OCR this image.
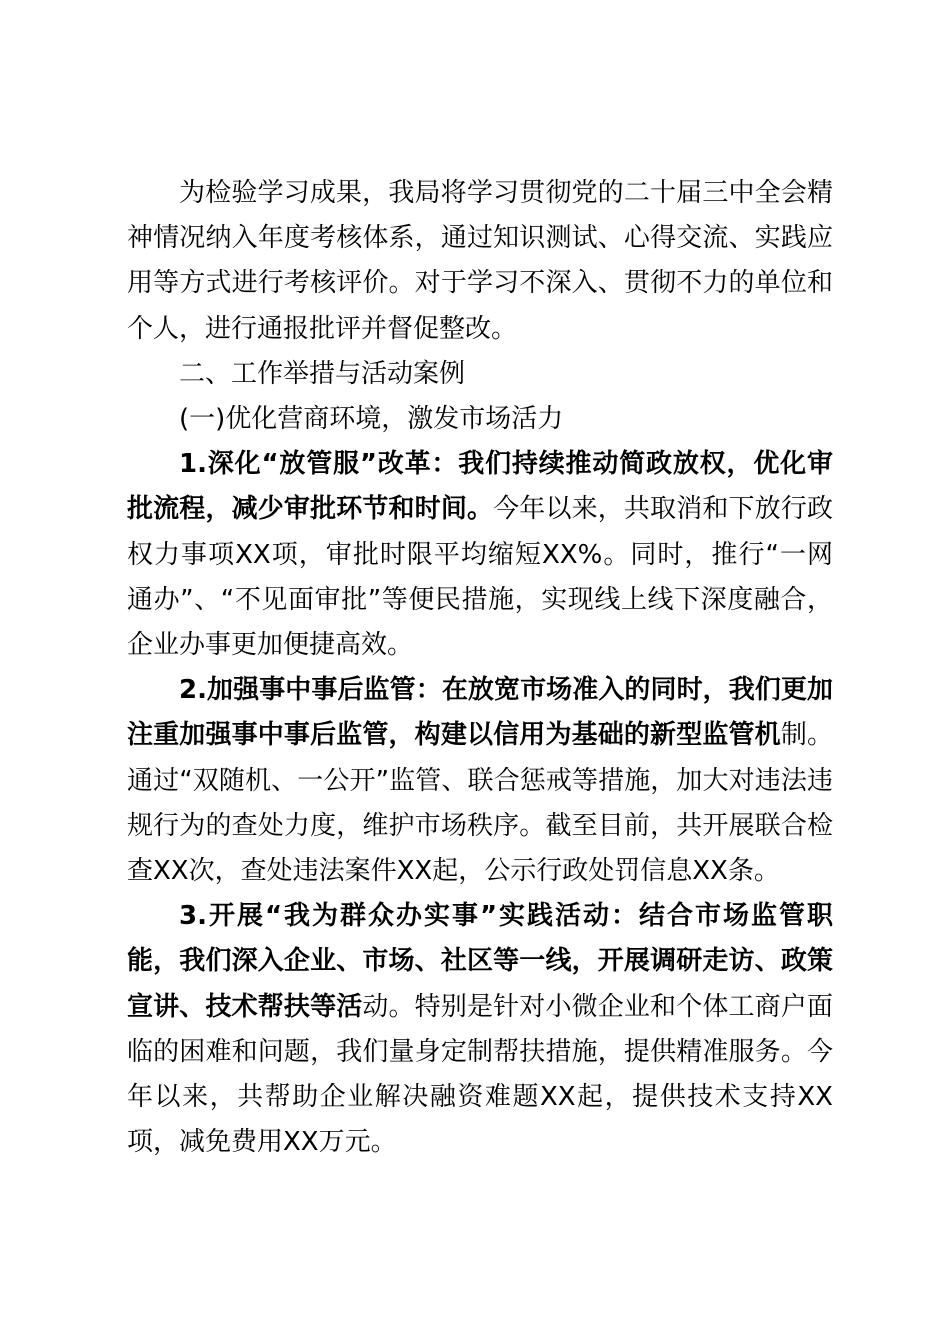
为检验学习成果，我局将学习贯彻党的二十届三中全会精神情况纳入年度考核体系，通过知识测试、心得交流、实践应用等方式进行考核评价。对于学习不深入、贯彻不力的单位和个人，进行通报批评并督促整改。

二、工作举措与活动案例

(一)优化营商环境，激发市场活力

1.深化“放管服”改革：我们持续推动简政放权，优化审批流程，减少审批环节和时间。今年以来，共取消和下放行政权力事项XX项，审批时限平均缩短XX%。同时，推行“一网通办”、“不见面审批”等便民措施，实现线上线下深度融合，企业办事更加便捷高效。

2.加强事中事后监管：在放宽市场准入的同时，我们更加注重加强事中事后监管，构建以信用为基础的新型监管机制。通过“双随机、一公开”监管、联合惩戒等措施，加大对违法违规行为的查处力度，维护市场秩序。截至目前，共开展联合检查XX次，查处违法案件XX起，公示行政处罚信息XX条。

3.开展“我为群众办实事”实践活动：结合市场监管职能，我们深入企业、市场、社区等一线，开展调研走访、政策宣讲、技术帮扶等活动。特别是针对小微企业和个体工商户面临的困难和问题，我们量身定制帮扶措施，提供精准服务。今年以来，共帮助企业解决融资难题XX起，提供技术支持XX项，减免费用XX万元。
